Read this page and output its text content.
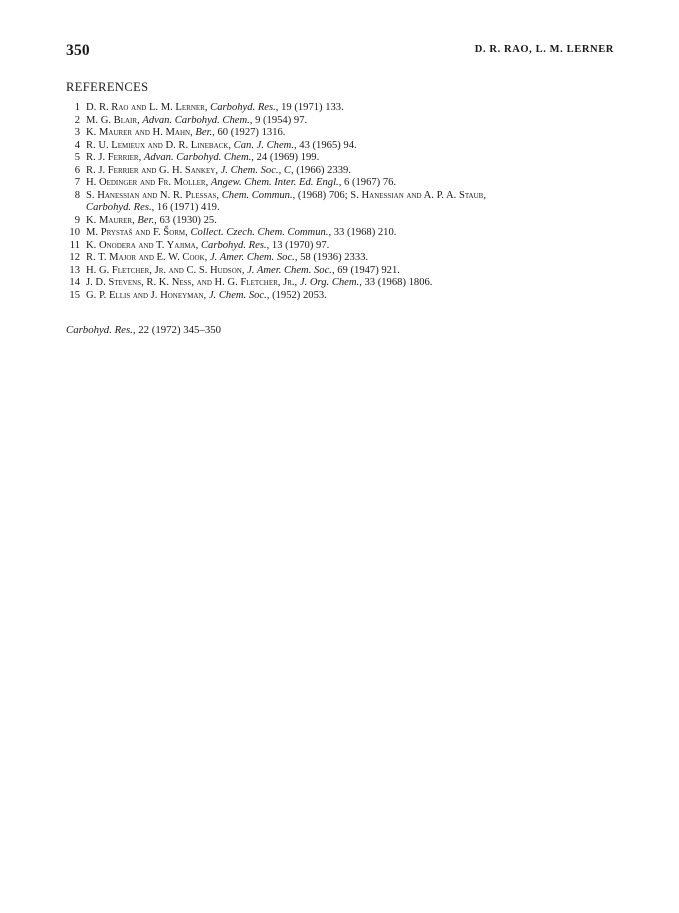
350	D. R. RAO, L. M. LERNER
REFERENCES
1 D. R. Rao and L. M. Lerner, Carbohyd. Res., 19 (1971) 133.
2 M. G. Blair, Advan. Carbohyd. Chem., 9 (1954) 97.
3 K. Maurer and H. Mahn, Ber., 60 (1927) 1316.
4 R. U. Lemieux and D. R. Lineback, Can. J. Chem., 43 (1965) 94.
5 R. J. Ferrier, Advan. Carbohyd. Chem., 24 (1969) 199.
6 R. J. Ferrier and G. H. Sankey, J. Chem. Soc., C, (1966) 2339.
7 H. Oedinger and Fr. Moller, Angew. Chem. Inter. Ed. Engl., 6 (1967) 76.
8 S. Hanessian and N. R. Plessas, Chem. Commun., (1968) 706; S. Hanessian and A. P. A. Staub,
Carbohyd. Res., 16 (1971) 419.
9 K. Maurer, Ber., 63 (1930) 25.
10 M. Prystaš and F. Šorm, Collect. Czech. Chem. Commun., 33 (1968) 210.
11 K. Onodera and T. Yajima, Carbohyd. Res., 13 (1970) 97.
12 R. T. Major and E. W. Cook, J. Amer. Chem. Soc., 58 (1936) 2333.
13 H. G. Fletcher, Jr. and C. S. Hudson, J. Amer. Chem. Soc., 69 (1947) 921.
14 J. D. Stevens, R. K. Ness, and H. G. Fletcher, Jr., J. Org. Chem., 33 (1968) 1806.
15 G. P. Ellis and J. Honeyman, J. Chem. Soc., (1952) 2053.
Carbohyd. Res., 22 (1972) 345–350
